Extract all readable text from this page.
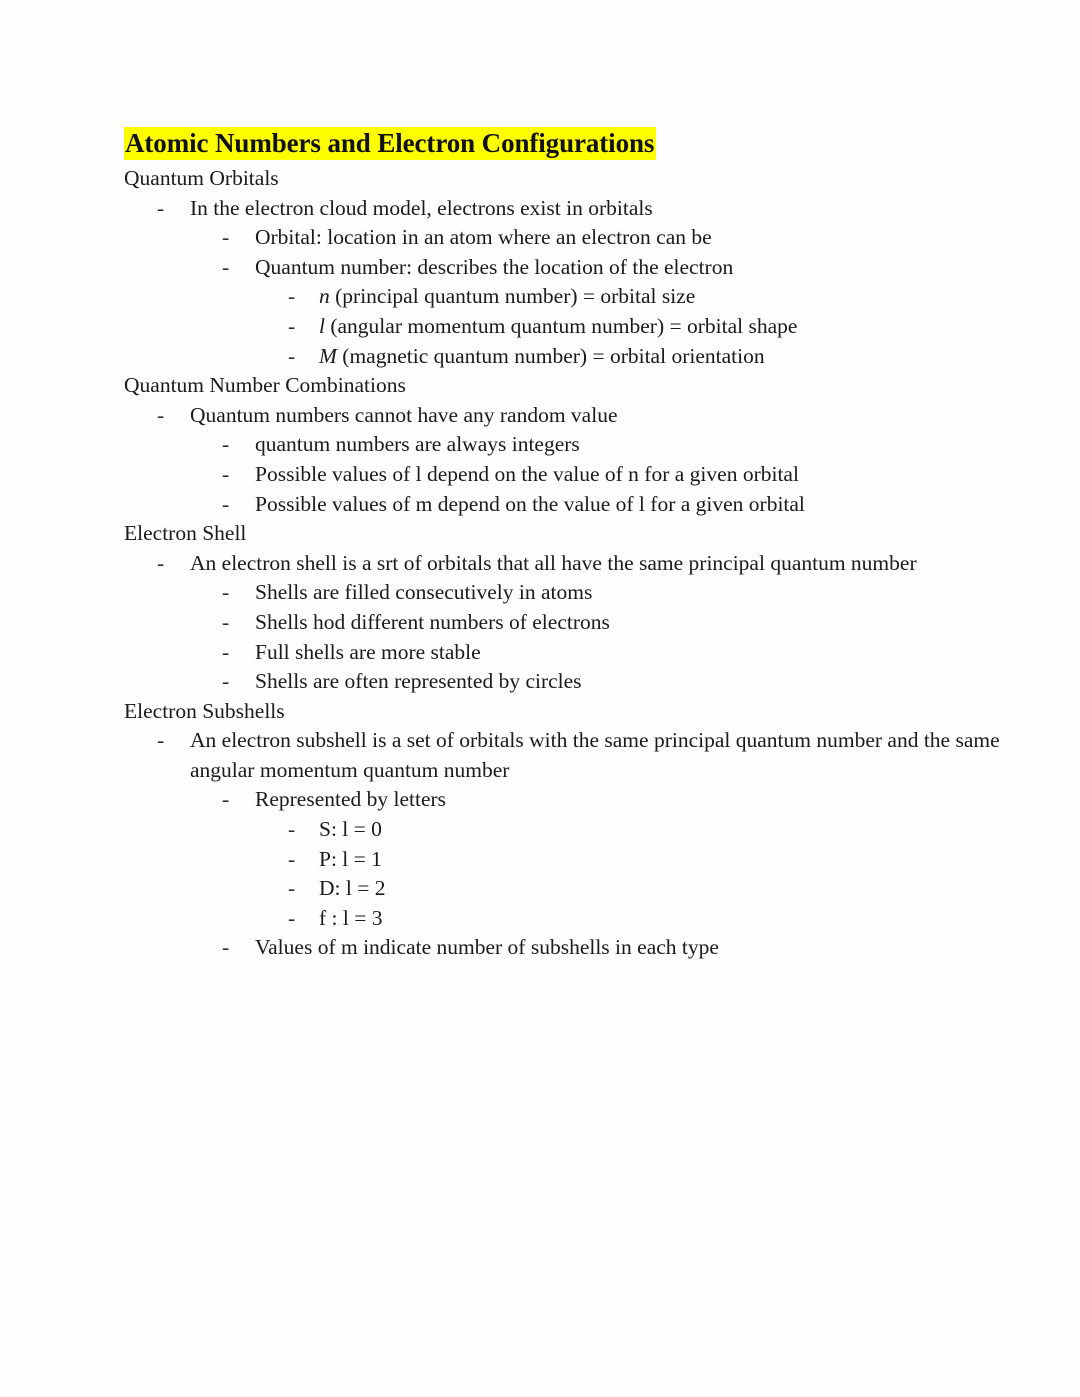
Atomic Numbers and Electron Configurations
Quantum Orbitals
-	In the electron cloud model, electrons exist in orbitals
-	Orbital: location in an atom where an electron can be
-	Quantum number: describes the location of the electron
-	n (principal quantum number) = orbital size
-	l (angular momentum quantum number) = orbital shape
-	M (magnetic quantum number) = orbital orientation
Quantum Number Combinations
-	Quantum numbers cannot have any random value
-	quantum numbers are always integers
-	Possible values of l depend on the value of n for a given orbital
-	Possible values of m depend on the value of l for a given orbital
Electron Shell
-	An electron shell is a srt of orbitals that all have the same principal quantum number
-	Shells are filled consecutively in atoms
-	Shells hod different numbers of electrons
-	Full shells are more stable
-	Shells are often represented by circles
Electron Subshells
-	An electron subshell is a set of orbitals with the same principal quantum number and the same angular momentum quantum number
-	Represented by letters
-	S: l = 0
-	P: l = 1
-	D: l = 2
-	f : l = 3
-	Values of m indicate number of subshells in each type
